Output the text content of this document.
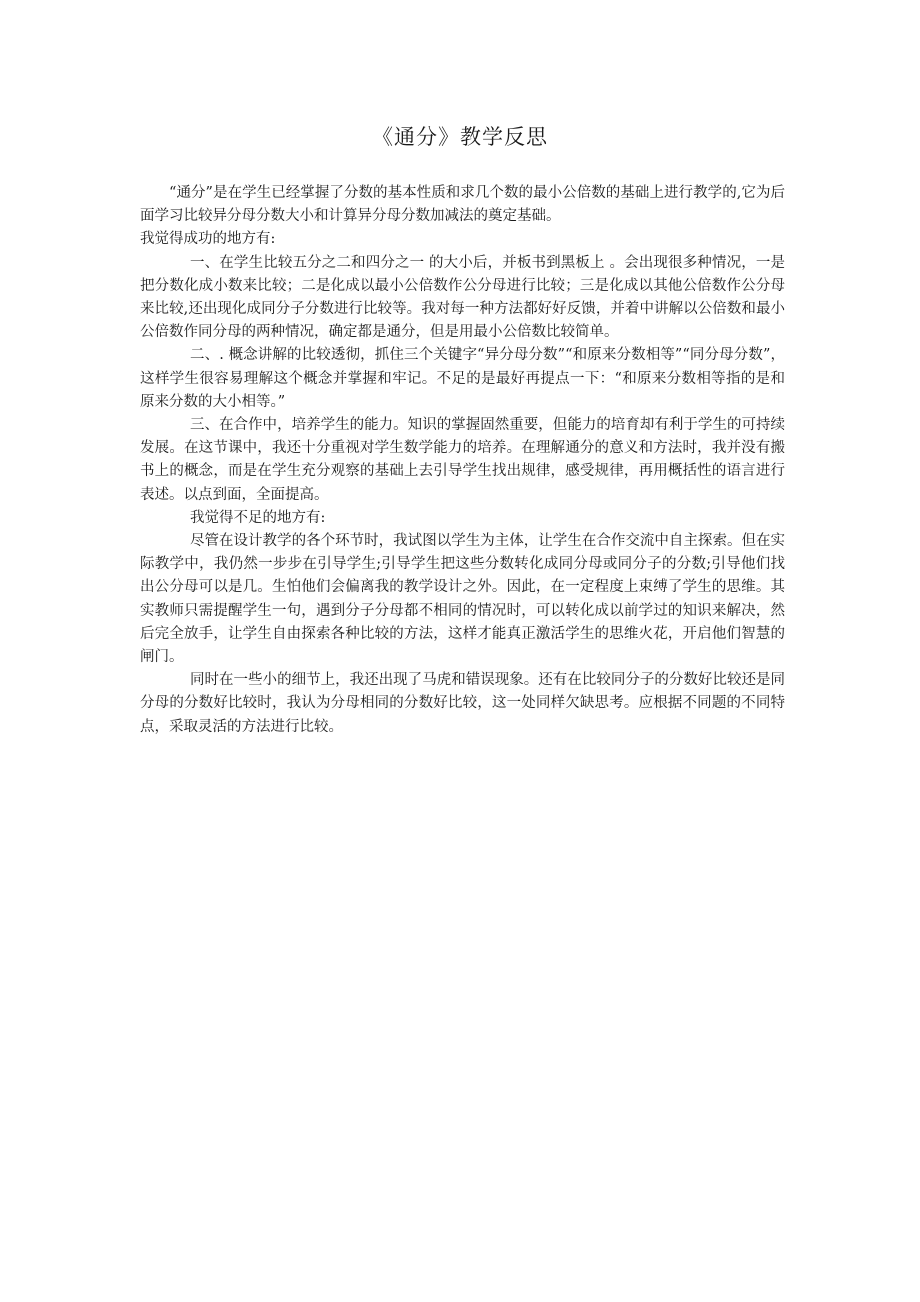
《通分》教学反思

“通分”是在学生已经掌握了分数的基本性质和求几个数的最小公倍数的基础上进行教学的,它为后面学习比较异分母分数大小和计算异分母分数加减法的奠定基础。

我觉得成功的地方有:

一、在学生比较五分之二和四分之一 的大小后，并板书到黑板上 。会出现很多种情况，一是把分数化成小数来比较；二是化成以最小公倍数作公分母进行比较；三是化成以其他公倍数作公分母来比较,还出现化成同分子分数进行比较等。我对每一种方法都好好反馈，并着中讲解以公倍数和最小公倍数作同分母的两种情况，确定都是通分，但是用最小公倍数比较简单。

二、. 概念讲解的比较透彻，抓住三个关键字“异分母分数”“和原来分数相等”“同分母分数”，这样学生很容易理解这个概念并掌握和牢记。不足的是最好再提点一下：“和原来分数相等指的是和原来分数的大小相等。”

三、在合作中，培养学生的能力。知识的掌握固然重要，但能力的培育却有利于学生的可持续发展。在这节课中，我还十分重视对学生数学能力的培养。在理解通分的意义和方法时，我并没有搬书上的概念，而是在学生充分观察的基础上去引导学生找出规律，感受规律，再用概括性的语言进行表述。以点到面，全面提高。

我觉得不足的地方有:

尽管在设计教学的各个环节时，我试图以学生为主体，让学生在合作交流中自主探索。但在实际教学中，我仍然一步步在引导学生;引导学生把这些分数转化成同分母或同分子的分数;引导他们找出公分母可以是几。生怕他们会偏离我的教学设计之外。因此，在一定程度上束缚了学生的思维。其实教师只需提醒学生一句，遇到分子分母都不相同的情况时，可以转化成以前学过的知识来解决，然后完全放手，让学生自由探索各种比较的方法，这样才能真正激活学生的思维火花，开启他们智慧的闸门。

同时在一些小的细节上，我还出现了马虎和错误现象。还有在比较同分子的分数好比较还是同分母的分数好比较时，我认为分母相同的分数好比较，这一处同样欠缺思考。应根据不同题的不同特点，采取灵活的方法进行比较。
